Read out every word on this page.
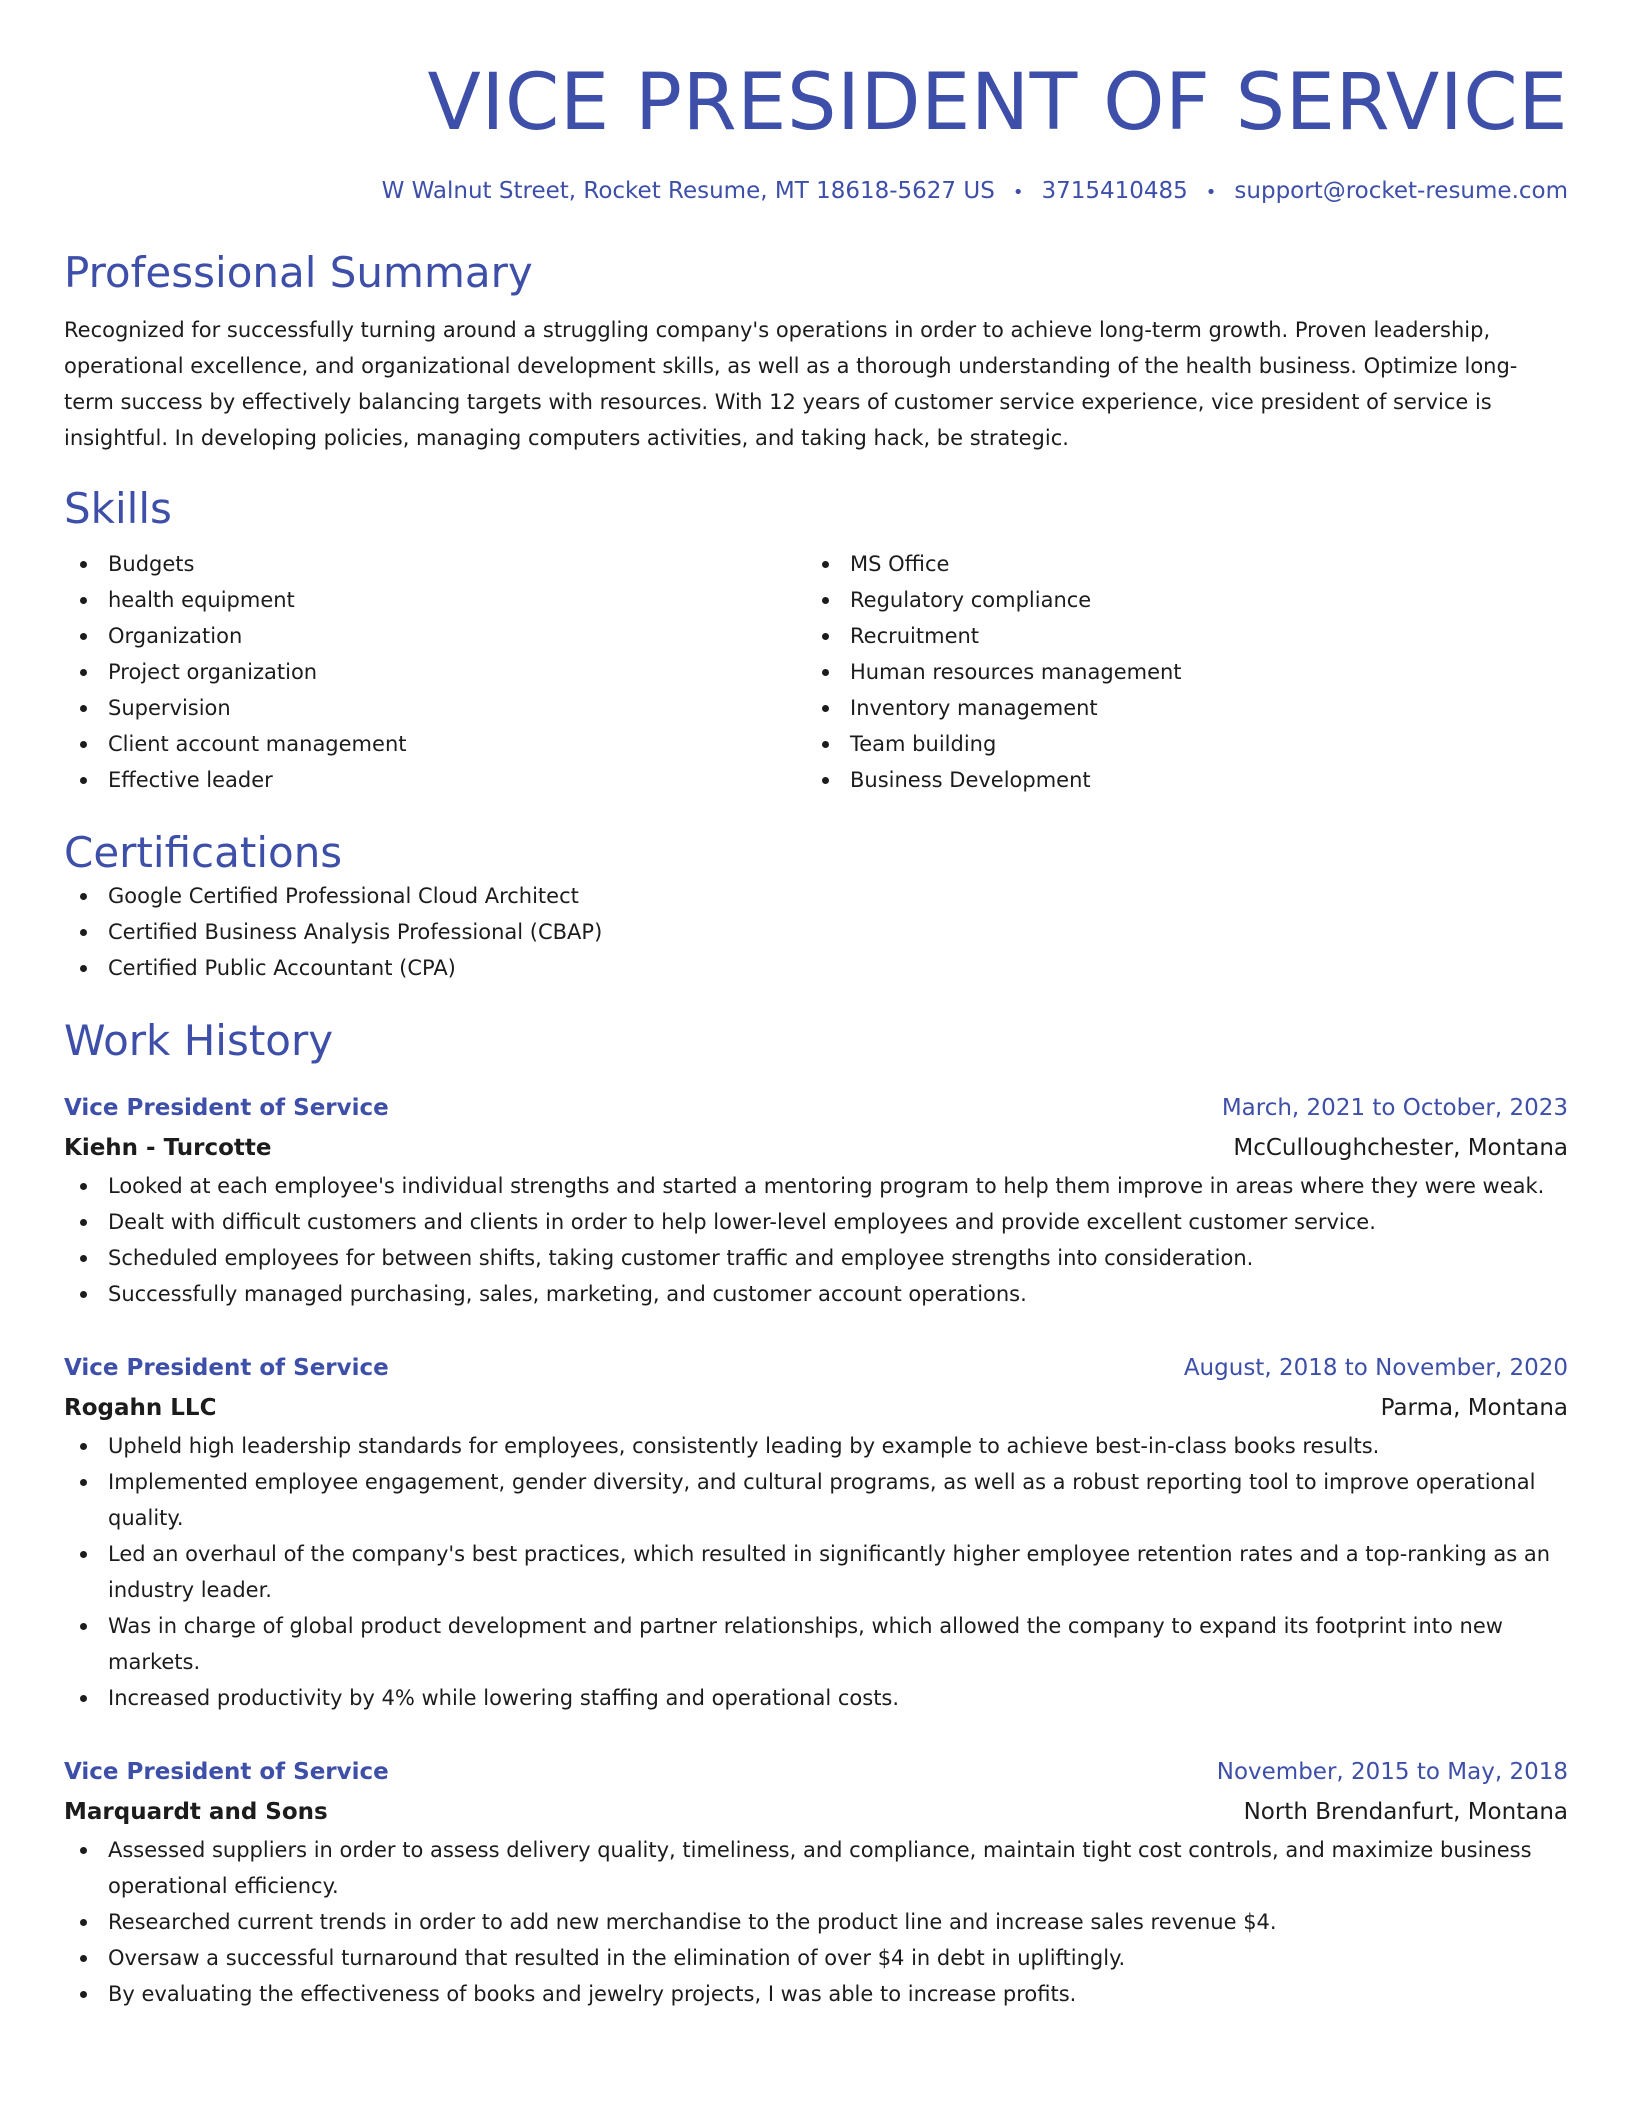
VICE PRESIDENT OF SERVICE
W Walnut Street, Rocket Resume, MT 18618-5627 US • 3715410485 • support@rocket-resume.com
Professional Summary
Recognized for successfully turning around a struggling company's operations in order to achieve long-term growth. Proven leadership, operational excellence, and organizational development skills, as well as a thorough understanding of the health business. Optimize long-term success by effectively balancing targets with resources. With 12 years of customer service experience, vice president of service is insightful. In developing policies, managing computers activities, and taking hack, be strategic.
Skills
Budgets
health equipment
Organization
Project organization
Supervision
Client account management
Effective leader
MS Office
Regulatory compliance
Recruitment
Human resources management
Inventory management
Team building
Business Development
Certifications
Google Certified Professional Cloud Architect
Certified Business Analysis Professional (CBAP)
Certified Public Accountant (CPA)
Work History
Vice President of Service	March, 2021 to October, 2023
Kiehn - Turcotte	McCulloughchester, Montana
Looked at each employee's individual strengths and started a mentoring program to help them improve in areas where they were weak.
Dealt with difficult customers and clients in order to help lower-level employees and provide excellent customer service.
Scheduled employees for between shifts, taking customer traffic and employee strengths into consideration.
Successfully managed purchasing, sales, marketing, and customer account operations.
Vice President of Service	August, 2018 to November, 2020
Rogahn LLC	Parma, Montana
Upheld high leadership standards for employees, consistently leading by example to achieve best-in-class books results.
Implemented employee engagement, gender diversity, and cultural programs, as well as a robust reporting tool to improve operational quality.
Led an overhaul of the company's best practices, which resulted in significantly higher employee retention rates and a top-ranking as an industry leader.
Was in charge of global product development and partner relationships, which allowed the company to expand its footprint into new markets.
Increased productivity by 4% while lowering staffing and operational costs.
Vice President of Service	November, 2015 to May, 2018
Marquardt and Sons	North Brendanfurt, Montana
Assessed suppliers in order to assess delivery quality, timeliness, and compliance, maintain tight cost controls, and maximize business operational efficiency.
Researched current trends in order to add new merchandise to the product line and increase sales revenue $4.
Oversaw a successful turnaround that resulted in the elimination of over $4 in debt in upliftingly.
By evaluating the effectiveness of books and jewelry projects, I was able to increase profits.
